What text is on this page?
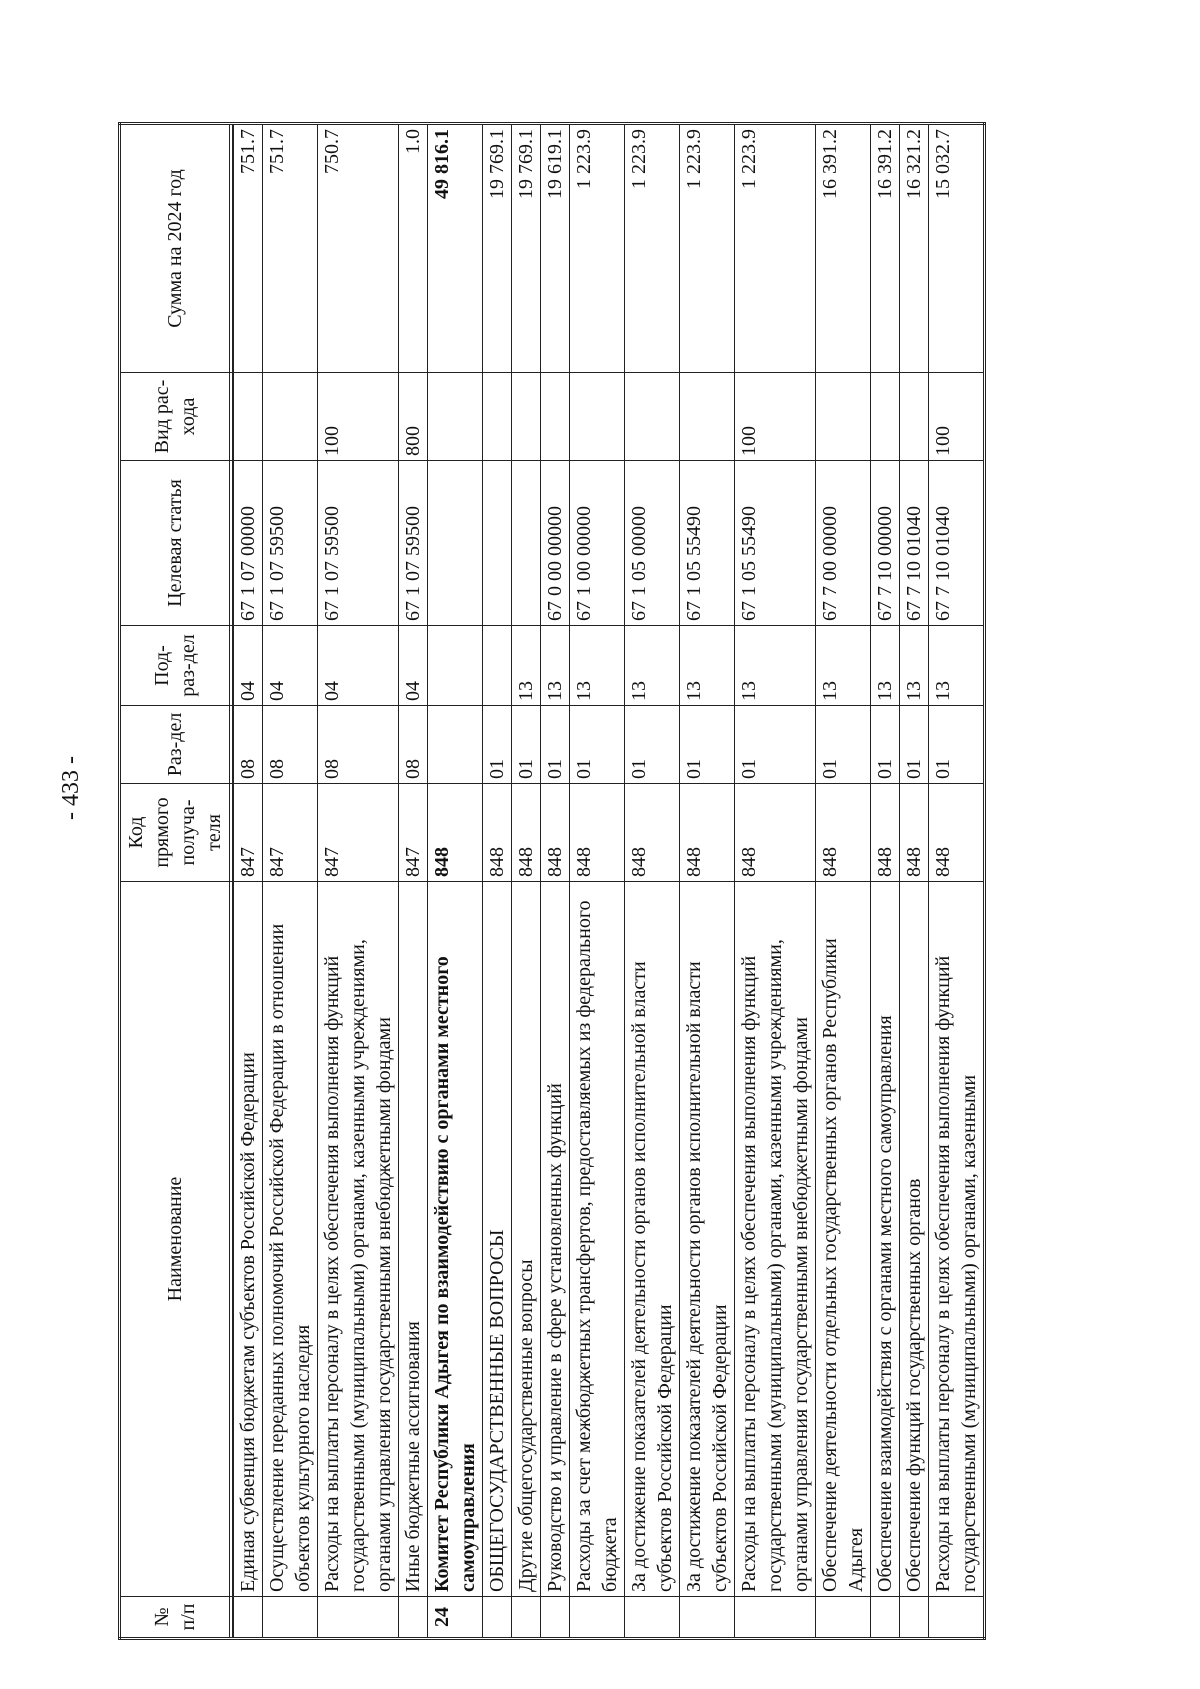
- 433 -
№ п/п	Наименование	Код прямого получа-теля	Раз-дел	Под-раз-дел	Целевая статья	Вид рас-хода	Сумма на 2024 год

	Единая субвенция бюджетам субъектов Российской Федерации	847	08	04	67 1 07 00000		751.7
	Осуществление переданных полномочий Российской Федерации в отношении объектов культурного наследия	847	08	04	67 1 07 59500		751.7
	Расходы на выплаты персоналу в целях обеспечения выполнения функций государственными (муниципальными) органами, казенными учреждениями, органами управления государственными внебюджетными фондами	847	08	04	67 1 07 59500	100	750.7
	Иные бюджетные ассигнования	847	08	04	67 1 07 59500	800	1.0
24	Комитет Республики Адыгея по взаимодействию с органами местного самоуправления	848					49 816.1
	ОБЩЕГОСУДАРСТВЕННЫЕ ВОПРОСЫ	848	01				19 769.1
	Другие общегосударственные вопросы	848	01	13			19 769.1
	Руководство и управление в сфере установленных функций	848	01	13	67 0 00 00000		19 619.1
	Расходы за счет межбюджетных трансфертов, предоставляемых из федерального бюджета	848	01	13	67 1 00 00000		1 223.9
	За достижение показателей деятельности органов исполнительной власти субъектов Российской Федерации	848	01	13	67 1 05 00000		1 223.9
	За достижение показателей деятельности органов исполнительной власти субъектов Российской Федерации	848	01	13	67 1 05 55490		1 223.9
	Расходы на выплаты персоналу в целях обеспечения выполнения функций государственными (муниципальными) органами, казенными учреждениями, органами управления государственными внебюджетными фондами	848	01	13	67 1 05 55490	100	1 223.9
	Обеспечение деятельности отдельных государственных органов Республики Адыгея	848	01	13	67 7 00 00000		16 391.2
	Обеспечение взаимодействия с органами местного самоуправления	848	01	13	67 7 10 00000		16 391.2
	Обеспечение функций государственных органов	848	01	13	67 7 10 01040		16 321.2
	Расходы на выплаты персоналу в целях обеспечения выполнения функций государственными (муниципальными) органами, казенными	848	01	13	67 7 10 01040	100	15 032.7
